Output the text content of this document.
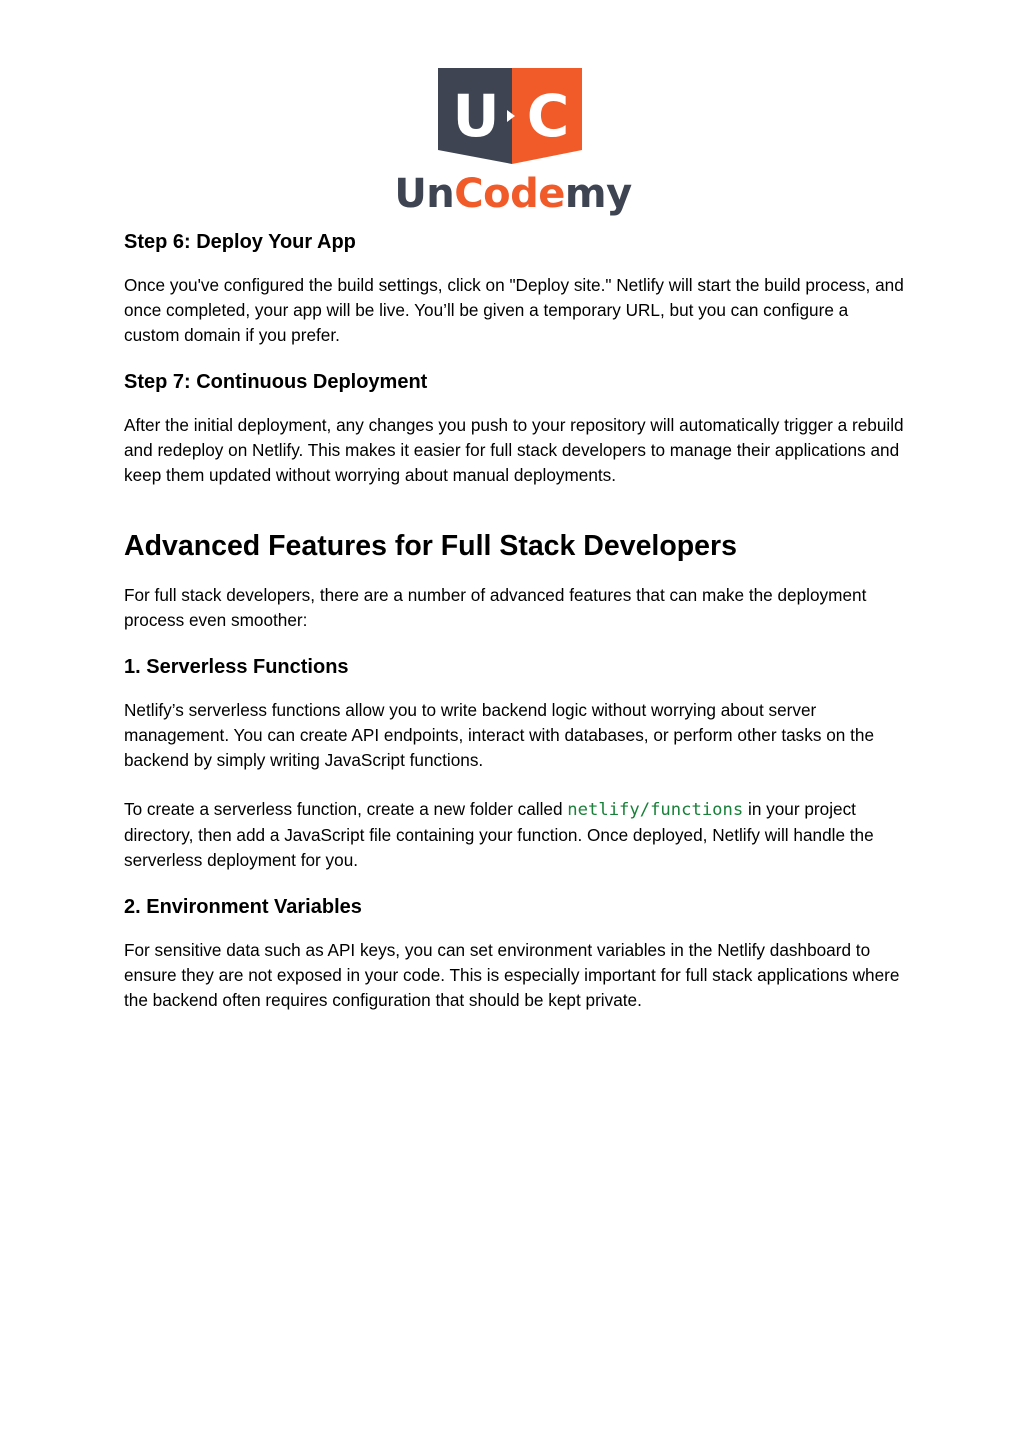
U C
UnCodemy
Step 6: Deploy Your App

Once you've configured the build settings, click on "Deploy site." Netlify will start the build process, and once completed, your app will be live. You’ll be given a temporary URL, but you can configure a custom domain if you prefer.

Step 7: Continuous Deployment

After the initial deployment, any changes you push to your repository will automatically trigger a rebuild and redeploy on Netlify. This makes it easier for full stack developers to manage their applications and keep them updated without worrying about manual deployments.

Advanced Features for Full Stack Developers

For full stack developers, there are a number of advanced features that can make the deployment process even smoother:

1. Serverless Functions

Netlify’s serverless functions allow you to write backend logic without worrying about server management. You can create API endpoints, interact with databases, or perform other tasks on the backend by simply writing JavaScript functions.

To create a serverless function, create a new folder called netlify/functions in your project directory, then add a JavaScript file containing your function. Once deployed, Netlify will handle the serverless deployment for you.

2. Environment Variables

For sensitive data such as API keys, you can set environment variables in the Netlify dashboard to ensure they are not exposed in your code. This is especially important for full stack applications where the backend often requires configuration that should be kept private.
